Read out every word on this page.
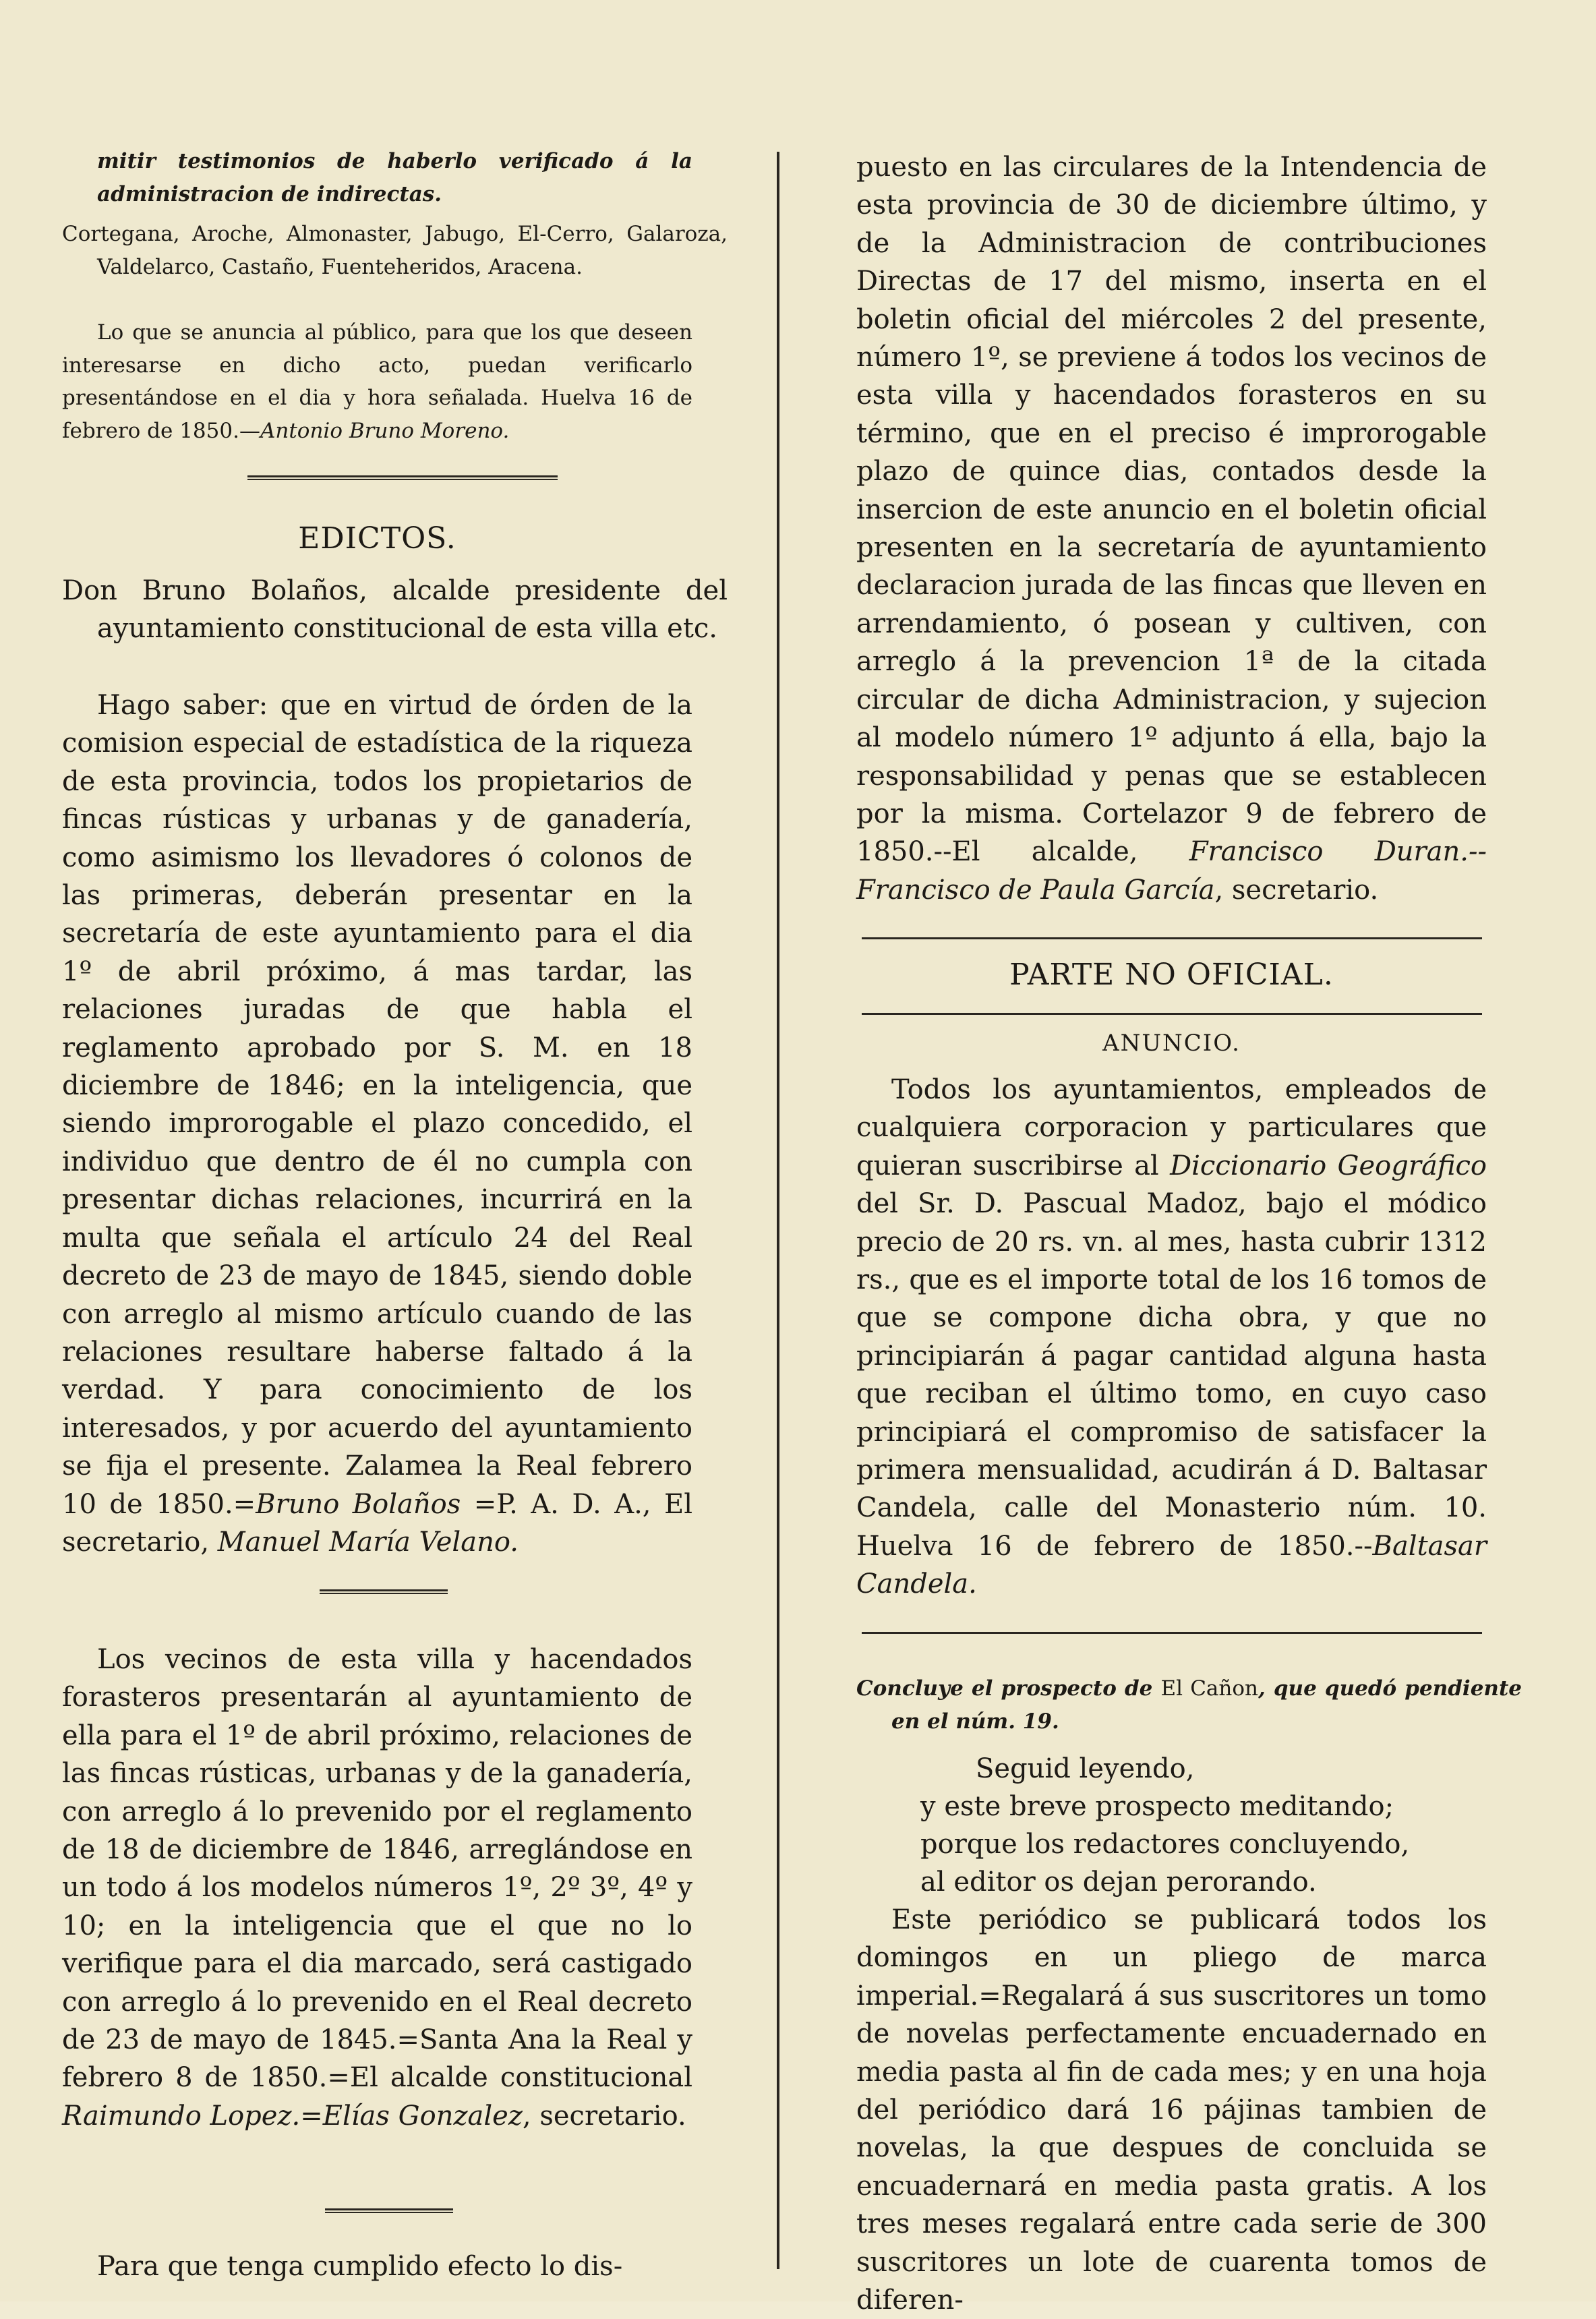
mitir testimonios de haberlo verificado á la administracion de indirectas.

Cortegana, Aroche, Almonaster, Jabugo, El-Cerro, Galaroza, Valdelarco, Castaño, Fuenteheridos, Aracena.

Lo que se anuncia al público, para que los que deseen interesarse en dicho acto, puedan verificarlo presentándose en el dia y hora señalada. Huelva 16 de febrero de 1850.—Antonio Bruno Moreno.

EDICTOS.

Don Bruno Bolaños, alcalde presidente del ayuntamiento constitucional de esta villa etc.

Hago saber: que en virtud de órden de la comision especial de estadística de la riqueza de esta provincia, todos los propietarios de fincas rústicas y urbanas y de ganadería, como asimismo los llevadores ó colonos de las primeras, deberán presentar en la secretaría de este ayuntamiento para el dia 1º de abril próximo, á mas tardar, las relaciones juradas de que habla el reglamento aprobado por S. M. en 18 diciembre de 1846; en la inteligencia, que siendo improrogable el plazo concedido, el individuo que dentro de él no cumpla con presentar dichas relaciones, incurrirá en la multa que señala el artículo 24 del Real decreto de 23 de mayo de 1845, siendo doble con arreglo al mismo artículo cuando de las relaciones resultare haberse faltado á la verdad. Y para conocimiento de los interesados, y por acuerdo del ayuntamiento se fija el presente. Zalamea la Real febrero 10 de 1850.=Bruno Bolaños =P. A. D. A., El secretario, Manuel María Velano.

Los vecinos de esta villa y hacendados forasteros presentarán al ayuntamiento de ella para el 1º de abril próximo, relaciones de las fincas rústicas, urbanas y de la ganadería, con arreglo á lo prevenido por el reglamento de 18 de diciembre de 1846, arreglándose en un todo á los modelos números 1º, 2º 3º, 4º y 10; en la inteligencia que el que no lo verifique para el dia marcado, será castigado con arreglo á lo prevenido en el Real decreto de 23 de mayo de 1845.=Santa Ana la Real y febrero 8 de 1850.=El alcalde constitucional Raimundo Lopez.=Elías Gonzalez, secretario.

Para que tenga cumplido efecto lo dis-

puesto en las circulares de la Intendencia de esta provincia de 30 de diciembre último, y de la Administracion de contribuciones Directas de 17 del mismo, inserta en el boletin oficial del miércoles 2 del presente, número 1º, se previene á todos los vecinos de esta villa y hacendados forasteros en su término, que en el preciso é improrogable plazo de quince dias, contados desde la insercion de este anuncio en el boletin oficial presenten en la secretaría de ayuntamiento declaracion jurada de las fincas que lleven en arrendamiento, ó posean y cultiven, con arreglo á la prevencion 1ª de la citada circular de dicha Administracion, y sujecion al modelo número 1º adjunto á ella, bajo la responsabilidad y penas que se establecen por la misma. Cortelazor 9 de febrero de 1850.--El alcalde, Francisco Duran.--Francisco de Paula García, secretario.

PARTE NO OFICIAL.
ANUNCIO.

Todos los ayuntamientos, empleados de cualquiera corporacion y particulares que quieran suscribirse al Diccionario Geográfico del Sr. D. Pascual Madoz, bajo el módico precio de 20 rs. vn. al mes, hasta cubrir 1312 rs., que es el importe total de los 16 tomos de que se compone dicha obra, y que no principiarán á pagar cantidad alguna hasta que reciban el último tomo, en cuyo caso principiará el compromiso de satisfacer la primera mensualidad, acudirán á D. Baltasar Candela, calle del Monasterio núm. 10. Huelva 16 de febrero de 1850.--Baltasar Candela.

Concluye el prospecto de El Cañon, que quedó pendiente en el núm. 19.

Seguid leyendo,
y este breve prospecto meditando;
porque los redactores concluyendo,
al editor os dejan perorando.

Este periódico se publicará todos los domingos en un pliego de marca imperial.=Regalará á sus suscritores un tomo de novelas perfectamente encuadernado en media pasta al fin de cada mes; y en una hoja del periódico dará 16 pájinas tambien de novelas, la que despues de concluida se encuadernará en media pasta gratis. A los tres meses regalará entre cada serie de 300 suscritores un lote de cuarenta tomos de diferen-
